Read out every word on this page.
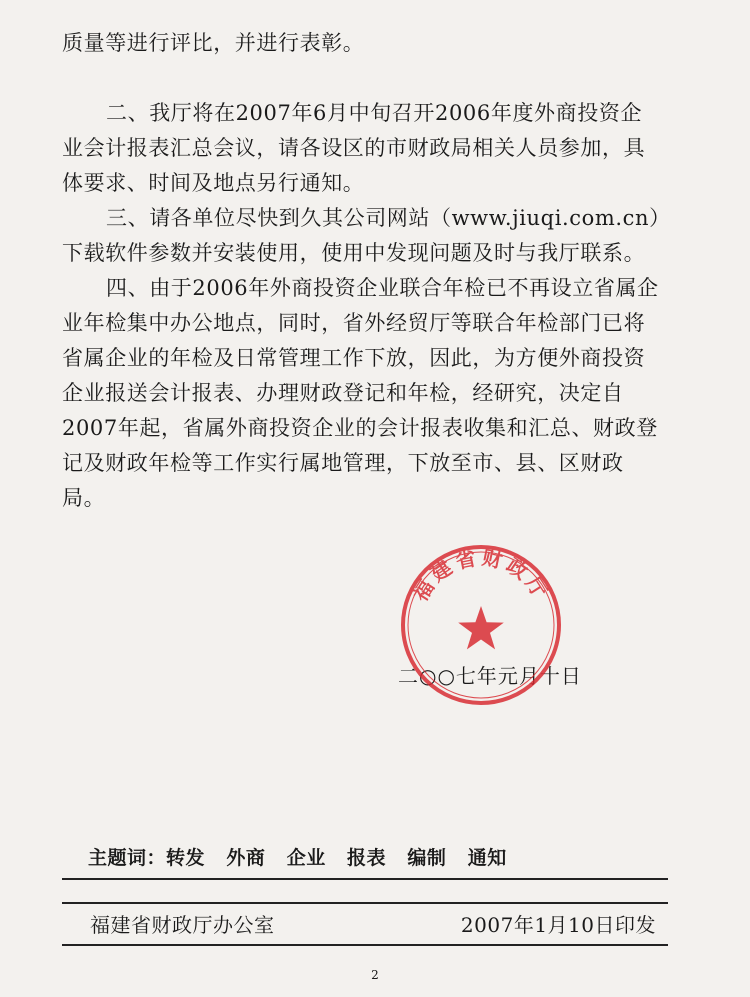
质量等进行评比，并进行表彰。

二、我厅将在2007年6月中旬召开2006年度外商投资企业会计报表汇总会议，请各设区的市财政局相关人员参加，具体要求、时间及地点另行通知。

三、请各单位尽快到久其公司网站（www.jiuqi.com.cn）下载软件参数并安装使用，使用中发现问题及时与我厅联系。

四、由于2006年外商投资企业联合年检已不再设立省属企业年检集中办公地点，同时，省外经贸厅等联合年检部门已将省属企业的年检及日常管理工作下放，因此，为方便外商投资企业报送会计报表、办理财政登记和年检，经研究，决定自2007年起，省属外商投资企业的会计报表收集和汇总、财政登记及财政年检等工作实行属地管理，下放至市、县、区财政局。

二○○七年元月十日
福建省财政厅
主题词：转发   外商   企业   报表   编制   通知
福建省财政厅办公室	2007年1月10日印发
2
